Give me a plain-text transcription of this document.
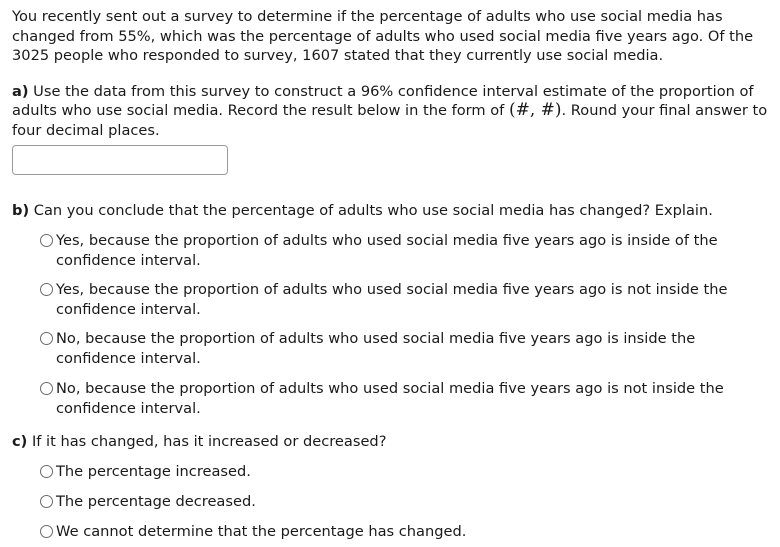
You recently sent out a survey to determine if the percentage of adults who use social media has changed from 55%, which was the percentage of adults who used social media five years ago. Of the 3025 people who responded to survey, 1607 stated that they currently use social media.

a) Use the data from this survey to construct a 96% confidence interval estimate of the proportion of adults who use social media. Record the result below in the form of (#, #). Round your final answer to four decimal places.

b) Can you conclude that the percentage of adults who use social media has changed? Explain.

Yes, because the proportion of adults who used social media five years ago is inside of the confidence interval.
Yes, because the proportion of adults who used social media five years ago is not inside the confidence interval.
No, because the proportion of adults who used social media five years ago is inside the confidence interval.
No, because the proportion of adults who used social media five years ago is not inside the confidence interval.

c) If it has changed, has it increased or decreased?

The percentage increased.
The percentage decreased.
We cannot determine that the percentage has changed.
